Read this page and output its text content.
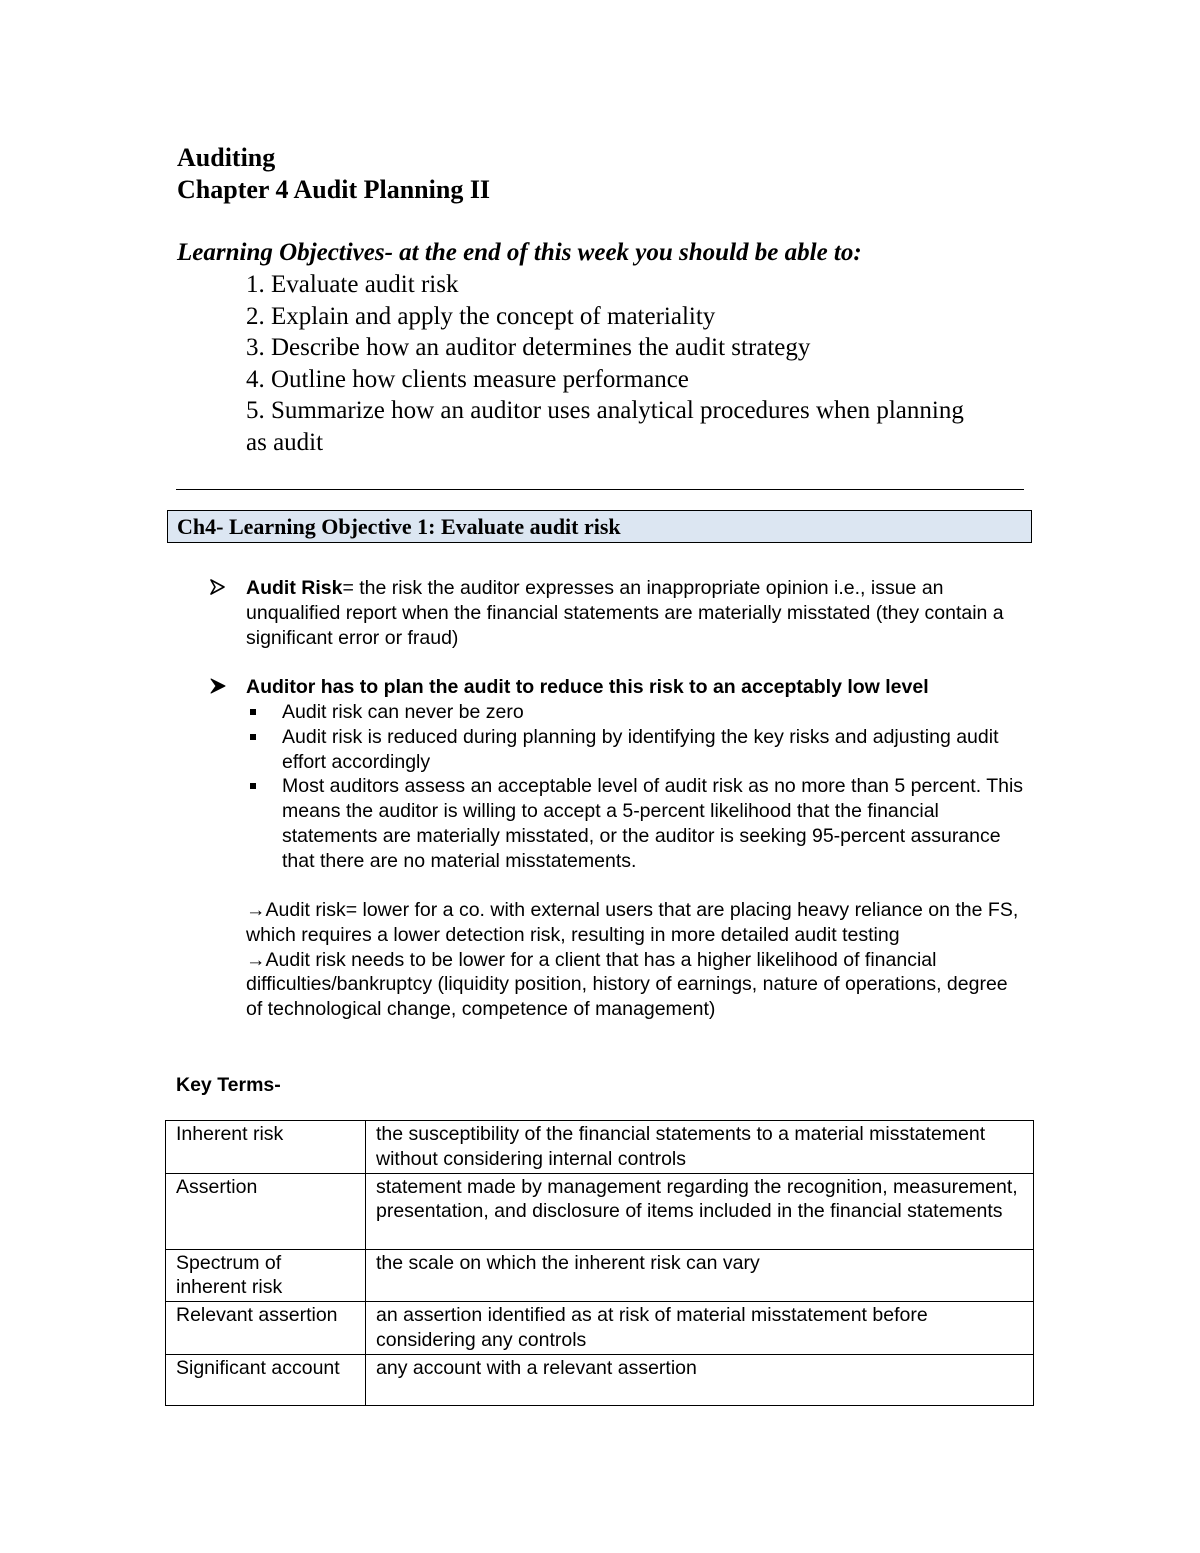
Auditing
Chapter 4 Audit Planning II
Learning Objectives- at the end of this week you should be able to:
1. Evaluate audit risk
2. Explain and apply the concept of materiality
3. Describe how an auditor determines the audit strategy
4. Outline how clients measure performance
5. Summarize how an auditor uses analytical procedures when planning as audit
Ch4- Learning Objective 1: Evaluate audit risk
Audit Risk= the risk the auditor expresses an inappropriate opinion i.e., issue an unqualified report when the financial statements are materially misstated (they contain a significant error or fraud)
Auditor has to plan the audit to reduce this risk to an acceptably low level
Audit risk can never be zero
Audit risk is reduced during planning by identifying the key risks and adjusting audit effort accordingly
Most auditors assess an acceptable level of audit risk as no more than 5 percent. This means the auditor is willing to accept a 5-percent likelihood that the financial statements are materially misstated, or the auditor is seeking 95-percent assurance that there are no material misstatements.

→Audit risk= lower for a co. with external users that are placing heavy reliance on the FS, which requires a lower detection risk, resulting in more detailed audit testing

→Audit risk needs to be lower for a client that has a higher likelihood of financial difficulties/bankruptcy (liquidity position, history of earnings, nature of operations, degree of technological change, competence of management)

Key Terms-
Inherent risk	the susceptibility of the financial statements to a material misstatement without considering internal controls
Assertion	statement made by management regarding the recognition, measurement, presentation, and disclosure of items included in the financial statements
Spectrum of inherent risk	the scale on which the inherent risk can vary
Relevant assertion	an assertion identified as at risk of material misstatement before considering any controls
Significant account	any account with a relevant assertion
